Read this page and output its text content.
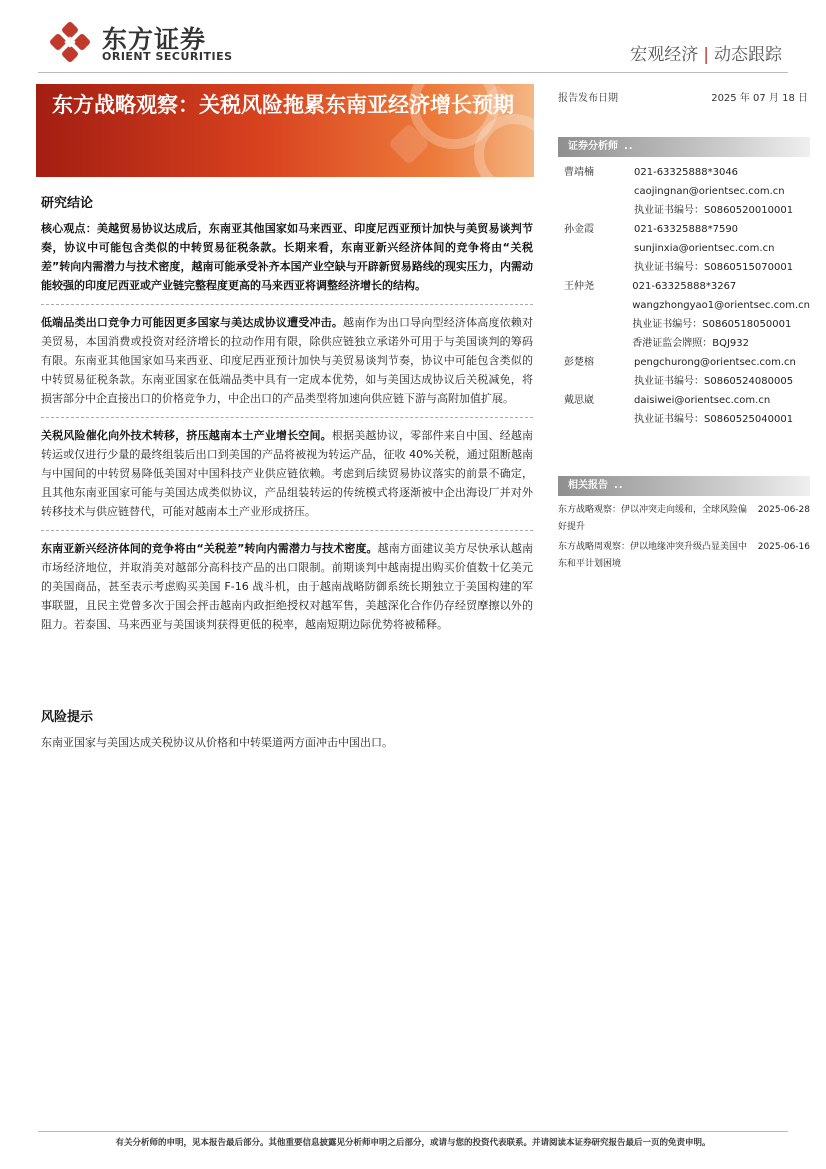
东方证券
ORIENT SECURITIES	宏观经济 | 动态跟踪
东方战略观察：关税风险拖累东南亚经济增长预期	报告发布日期	2025 年 07 月 18 日
证券分析师 ..
曹靖楠	021-63325888*3046
caojingnan@orientsec.com.cn
执业证书编号：S0860520010001
孙金霞	021-63325888*7590
sunjinxia@orientsec.com.cn
执业证书编号：S0860515070001
王仲尧	021-63325888*3267
wangzhongyao1@orientsec.com.cn
执业证书编号：S0860518050001
香港证监会牌照：BQJ932
彭楚榕	pengchurong@orientsec.com.cn
执业证书编号：S0860524080005
戴思崴	daisiwei@orientsec.com.cn
执业证书编号：S0860525040001
相关报告 ..
东方战略观察：伊以冲突走向缓和，全球风险偏好提升
2025-06-28
东方战略周观察：伊以地缘冲突升级凸显美国中东和平计划困境
2025-06-16
研究结论

核心观点：美越贸易协议达成后，东南亚其他国家如马来西亚、印度尼西亚预计加快与美贸易谈判节奏，协议中可能包含类似的中转贸易征税条款。长期来看，东南亚新兴经济体间的竞争将由“关税差”转向内需潜力与技术密度，越南可能承受补齐本国产业空缺与开辟新贸易路线的现实压力，内需动能较强的印度尼西亚或产业链完整程度更高的马来西亚将调整经济增长的结构。

低端品类出口竞争力可能因更多国家与美达成协议遭受冲击。越南作为出口导向型经济体高度依赖对美贸易，本国消费或投资对经济增长的拉动作用有限，除供应链独立承诺外可用于与美国谈判的筹码有限。东南亚其他国家如马来西亚、印度尼西亚预计加快与美贸易谈判节奏，协议中可能包含类似的中转贸易征税条款。东南亚国家在低端品类中具有一定成本优势，如与美国达成协议后关税减免，将损害部分中企直接出口的价格竞争力，中企出口的产品类型将加速向供应链下游与高附加值扩展。

关税风险催化向外技术转移，挤压越南本土产业增长空间。根据美越协议，零部件来自中国、经越南转运或仅进行少量的最终组装后出口到美国的产品将被视为转运产品，征收 40%关税，通过阻断越南与中国间的中转贸易降低美国对中国科技产业供应链依赖。考虑到后续贸易协议落实的前景不确定，且其他东南亚国家可能与美国达成类似协议，产品组装转运的传统模式将逐渐被中企出海设厂并对外转移技术与供应链替代，可能对越南本土产业形成挤压。

东南亚新兴经济体间的竞争将由“关税差”转向内需潜力与技术密度。越南方面建议美方尽快承认越南市场经济地位，并取消美对越部分高科技产品的出口限制。前期谈判中越南提出购买价值数十亿美元的美国商品，甚至表示考虑购买美国 F-16 战斗机，由于越南战略防御系统长期独立于美国构建的军事联盟，且民主党曾多次于国会抨击越南内政拒绝授权对越军售，美越深化合作仍存经贸摩擦以外的阻力。若泰国、马来西亚与美国谈判获得更低的税率，越南短期边际优势将被稀释。

风险提示
东南亚国家与美国达成关税协议从价格和中转渠道两方面冲击中国出口。
有关分析师的申明，见本报告最后部分。其他重要信息披露见分析师申明之后部分，或请与您的投资代表联系。并请阅读本证券研究报告最后一页的免责申明。
